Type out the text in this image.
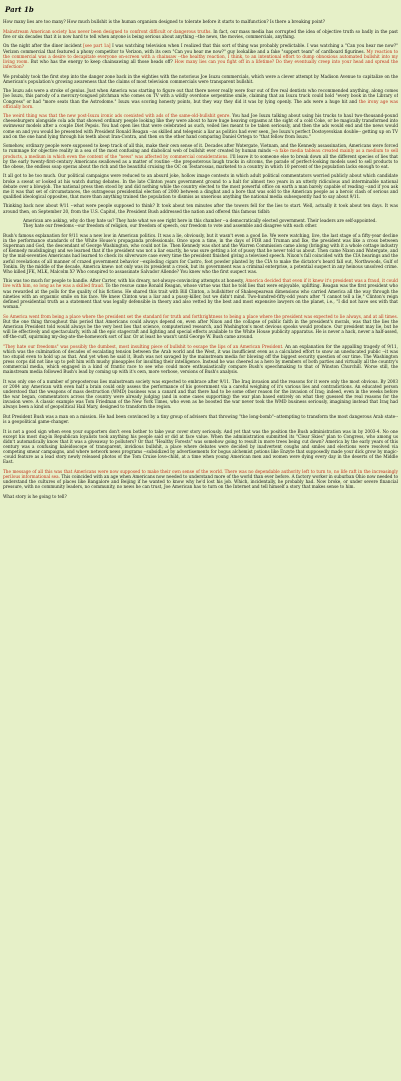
Part 1b

How many lies are too many? How much bullshit is the human organism designed to tolerate before it starts to malfunction? Is there a breaking point?

Mainstream American society has never been designed to confront difficult or dangerous truths. In fact, our mass media has corrupted the idea of objective truth so badly in the past five or six decades that it is now hard to tell when anyone is being serious about anything --the news, the movies, commercials, anything.

On the night after the diner incident [see part 1a] I was watching television when I realized that this sort of thing was probably predictable. I was watching a "Can you hear me now?" Verizon commercial that featured a phony competitor to Verizon, with its own "Can you hear me now?" guy lookalike and a fake "support team" of cardboard figurines. My reaction to the commercial was a desire to decapitate everyone on-screen with a chainsaw --the healthy reaction, I think, to an intentional effort to dump obnoxious automated bullshit into my living room. But who has the energy to keep chainsawing all those heads off? How many lies can you fight off in a lifetime? Do they eventually creep into your head and spread the infection?

We probably took the first step into the danger zone back in the eighties with the notorious Joe Isuzu commercials, which were a clever attempt by Madison Avenue to capitalize on the American's population's growing awareness that the claims of most television commercials were transparent bullshit.

The Isuzu ads were a stroke of genius. Just when America was starting to figure out that there never really were four out of five real dentists who recommended anything, along comes Joe Isuzu, this parody of a mercury-tongued pitchman who comes on TV with a wildly overdone serpentine smile, claiming that an Isuzu truck could hold "every book in the Library of Congress" or had "more seats than the Astrodome." Isuzu was scoring honesty points, but they way they did it was by lying openly. The ads were a huge hit and the irony age was officially born.

The weird thing was that the new post-Isuzu ironic ads coexisted with ads of the same-old-bullshit genre. You had Joe Isuzu talking about using his trucks to haul two-thousand-pound cheeseburgers alongside cola ads that showed ordinary people looking like they were about to have huge heaving orgasms at the sight of a cold Coke, or be magically transformed into swimwear models after a couple Diet Pepsis. You had open lies that were celebrated as such, veiled lies meant to be taken seriously, and then the ads would end and the news would come on and you would be presented with President Ronald Reagan --as skilled and telegenic a liar as politics had ever seen, Joe Isuzu's perfect Dostoyevskian double-- getting up on TV and on the one hand lying through his teeth about Iran-Contra, and then on the other hand comparing Daniel Ortega to "that fellow from Isuzu."

Somehow, ordinary people were supposed to keep track of all this, make their own sense of it. Decades after Watergate, Vietnam, and the Kennedy assassination, Americans were forced to rummage for objective reality in a sea of the most confusing and diabolical web of bullshit ever created by human minds --a fake media tableau created mainly as a medium to sell products, a medium in which even the content of the "news" was affected by commercial considerations. I'll leave it to someone else to break down all the different species of lies that by the early twenty-first-century Americans swallowed as a matter of routine --the preposterous laugh tracks in sitcoms, the parade of perfect-looking models used to sell products to the obese, the endless soap operas about the rich and the beautiful cruising the OC on Testarossas, marketed to a country in which 10 percent of the population lacks enough to eat.

It all got to be too much. Our political campaigns were reduced to an absurd joke, hollow image contests in which adult political commentators worried publicly about which candidate broke a sweat or looked at his watch during debates. In the late Clinton years government ground to a halt for almost two years in an utterly ridiculous and interminable national debate over a blowjob. The national press then stood by and did nothing while the country elected to the most powerful office on earth a man barely capable of reading --and if you ask me it was that set of circumstances, the outrageous presidential election of 2000 between a dingbat and a bore that was sold to the American people as a heroic clash of serious and qualified ideological opposites, that more than anything trained the population to dismiss as unserious anything the national media subsequently had to say about 9/11.

Thinking back now about 9/11 --what were people supposed to think? It took about ten minutes after the towers fell for the lies to start. Well, actually it took about ten days. It was around then, on September 20, from the U.S. Capitol, the President Bush addressed the nation and offered this famous tidbit:

American are asking, why do they hate us? They hate what we see right here in this chamber --a democratically elected government. Their leaders are self-appointed. They hate our freedoms --our freedom of religion, our freedom of speech, our freedom to vote and assemble and disagree with each other.

Bush's famous explanation for 9/11 was a new low in American politics. It was a lie, obviously, but it wasn't even a good lie. We were watching, live, the last stage of a fifty-year decline in the performance standards of the White House's propaganda professionals. Once upon a time, in the days of FDR and Truman and Ike, the president was like a cross between Superman and God, the descendant of George Washington, who could not lie. Then Kennedy was shot and the Warren Commission came along (bringing with it a whole cottage industry of Kennedy mudslinging) and we learned that if the president was not a liar exactly, he was sure getting a lot of pussy that he never told us about. Then came Nixon and Watergate, and by the mid-seventies Americans had learned to check its silverware case every time the president finished giving a televised speech. Nixon's fall coincided with the CIA hearings and the awful revelations of all manner of crazed government behavior --exploding cigars for Castro, foot powder planted by the CIA to make the dictator's beard fall out, Northwoods, Gulf of Tonkin. By the middle of the decade, America knew: not only was its president a crook, but its government was a criminal enterprise, a potential suspect in any heinous unsolved crime. Who killed JFK, MLK, Malcolm X? Who conspired to assassinate Salvador Allende? You knew who the first suspect was.

This was too much for people to handle. After Carter, with his dreary, not-always-convincing attempts at honesty, America decided that even if it knew it's president was a fraud, it could live with him, so long as he was a skilled fraud. To the rescue came Ronald Reagan, whose virtue was that he told lies that were enjoyable, uplifting. Reagan was the first president who was rewarded at the polls for the quality of his fictions. He shared this trait with Bill Clinton, a bullshitter of Shakespearean dimensions who carried America all the way through the nineties with an orgasmic smile on his face. We knew Clinton was a liar and a pussy-killer, but we didn't mind. Two-hundred-fifty-odd years after "I cannot tell a lie," Clinton's reign defined presidential truth as a statement that was legally defensible in theory and also vetted by the best and most expensive lawyers on the planet, i.e., "I did not have sex with that woman."

So America went from being a place where the president set the standard for truth and forthrightness to being a place where the president was expected to lie always, and at all times. But the one thing throughout this period that Americans could always depend on, even after Nixon and the collapse of public faith in the president's morals, was that the lies the American President told would always be the very best lies that science, computerized research, and Washington's most devious spooks would produce. Our president may lie, but he will lie effectively and spectacularly, with all the epic stagecraft and lighting and special effects available to the White House publicity apparatus. He is never a hack, never a half-assed, off-the-cuff, squirming my-dog-ate-the-homework sort of liar. Or at least he wasn't until George W. Bush came around.

"They hate our freedoms" was possibly the dumbest, most insulting piece of bullshit to escape the lips of an American President. An an explanation for the appalling tragedy of 9/11, which was the culmination of decades of escalating tension between the Arab world and the West, it was insufficient even as a calculated effort to snow an uneducated public --it was too stupid even to hold up as that. And yet when he said it, Bush was not savaged by the mainstream media for blowing off the biggest security question of our time. The Washington press corps did not line up to pelt him with mushy pineapples for insulting their intelligence. Instead he was cheered as a hero by members of both parties and virtually all the country's commercial media, which engaged in a kind of frantic race to see who could more enthusiastically compare Bush's speechmaking to that of Winston Churchill. Worse still, the mainstream media followed Bush's lead by coming up with it's own, more verbose, versions of Bush's analysis.

It was only one of a number of preposterous lies mainstream society was expected to embrace after 9/11. The Iraq invasion and the reasons for it were only the most obvious. By 2003 or 2004 any American with even half a brain could only assess the performance of his government via a careful weighing of it's various lies and contradictions. An educated person understood that the weapons of mass destruction (WMD) business was a canard and that there had to be some other reason for the invasion of Iraq; indeed, even in the weeks before the war began, commentators across the country were already judging (and in some cases supporting) the war plan based entirely on what they guessed the real reasons for the invasion were. A classic example was Tom Friedman of the New York Times, who even as he boosted the war never took the WMD business seriously, imagining instead that Iraq had always been a kind of geopolitical Hail Mary, designed to transform the region.

But President Bush was a man on a mission. He had been convinced by a tiny group of advisers that throwing "the long-bomb"--attempting to transform the most dangerous Arab state--is a geopolitical game-changer.

It is not a good sign when even your supporters don't even bother to take your cover story seriously. And yet that was the position the Bush administration was in by 2003-4. No one except his most dug-in Republican loyalists took anything his people said or did at face value. When the administration submitted its "Clear Skies" plan to Congress, who among us didn't automatically know that it was a giveaway to polluters? Or that "Healthy Forests" was somehow going to result in more trees being cut down? America by the early years of this century was a confusing kaleidoscope of transparent, invidious bullshit, a place where debates were decided by inadvertent coughs and smiles and elections were resolved via competing smear campaigns, and where network news programs --subsidized by advertisements for bogus alchemist potions like Enzyte that supposedly made your dick grow by magic--could feature as a lead story newly released photos of the Tom Cruise love-child, at a time when young American men and women were dying every day in the deserts of the Middle East.

The message of all this was that Americans were now supposed to make their own sense of the world. There was no dependable authority left to turn to, no life raft in the increasingly perilous informational sea. This coincided with an age when Americans now needed to understand more of the world than ever before. A factory worker in suburban Ohio now needed to understand the cultures of places like Bangalore and Beijing if he wanted to know why he'd lost his job. Which, incidentally, he probably had. Now broke, or under severe financial pressure, with no community leaders, no community, no news he can trust, Joe American has to turn on the Internet and tell himself a story that makes sense to him.

What story is he going to tell?
